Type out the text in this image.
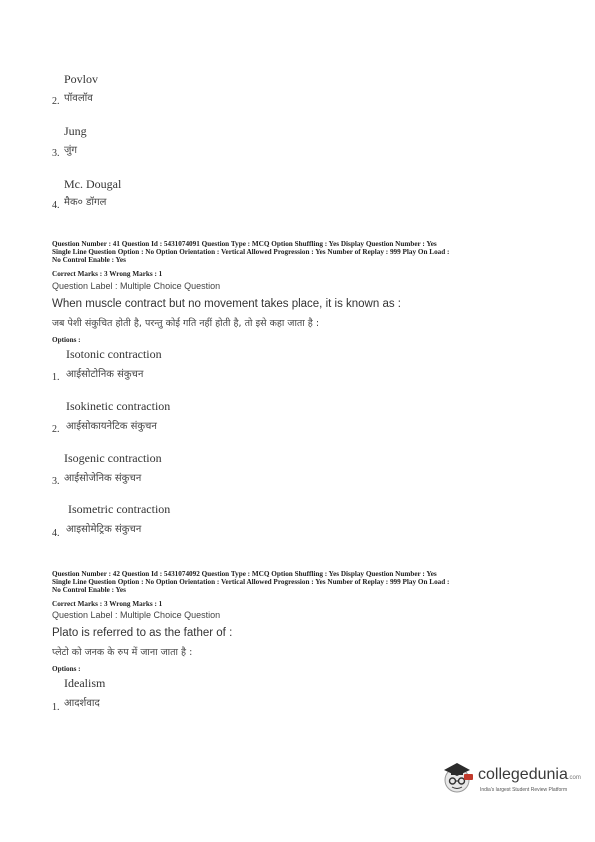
Povlov
2. पॉवलॉव
Jung
3. जुंग
Mc. Dougal
4. मैक० डॉगल
Question Number : 41 Question Id : 5431074091 Question Type : MCQ Option Shuffling : Yes Display Question Number : Yes
Single Line Question Option : No Option Orientation : Vertical Allowed Progression : Yes Number of Replay : 999 Play On Load :
No Control Enable : Yes
Correct Marks : 3 Wrong Marks : 1
Question Label : Multiple Choice Question
When muscle contract but no movement takes place, it is known as :
जब पेशी संकुचित होती है, परन्तु कोई गति नहीं होती है, तो इसे कहा जाता है :
Options :
Isotonic contraction
1. आईसोटोनिक संकुचन
Isokinetic contraction
2. आईसोकायनेटिक संकुचन
Isogenic contraction
3. आईसोजेनिक संकुचन
Isometric contraction
4. आइसोमेट्रिक संकुचन
Question Number : 42 Question Id : 5431074092 Question Type : MCQ Option Shuffling : Yes Display Question Number : Yes
Single Line Question Option : No Option Orientation : Vertical Allowed Progression : Yes Number of Replay : 999 Play On Load :
No Control Enable : Yes
Correct Marks : 3 Wrong Marks : 1
Question Label : Multiple Choice Question
Plato is referred to as the father of :
प्लेटो को जनक के रुप में जाना जाता है :
Options :
Idealism
1. आदर्शवाद
collegedunia.com
India's largest Student Review Platform
